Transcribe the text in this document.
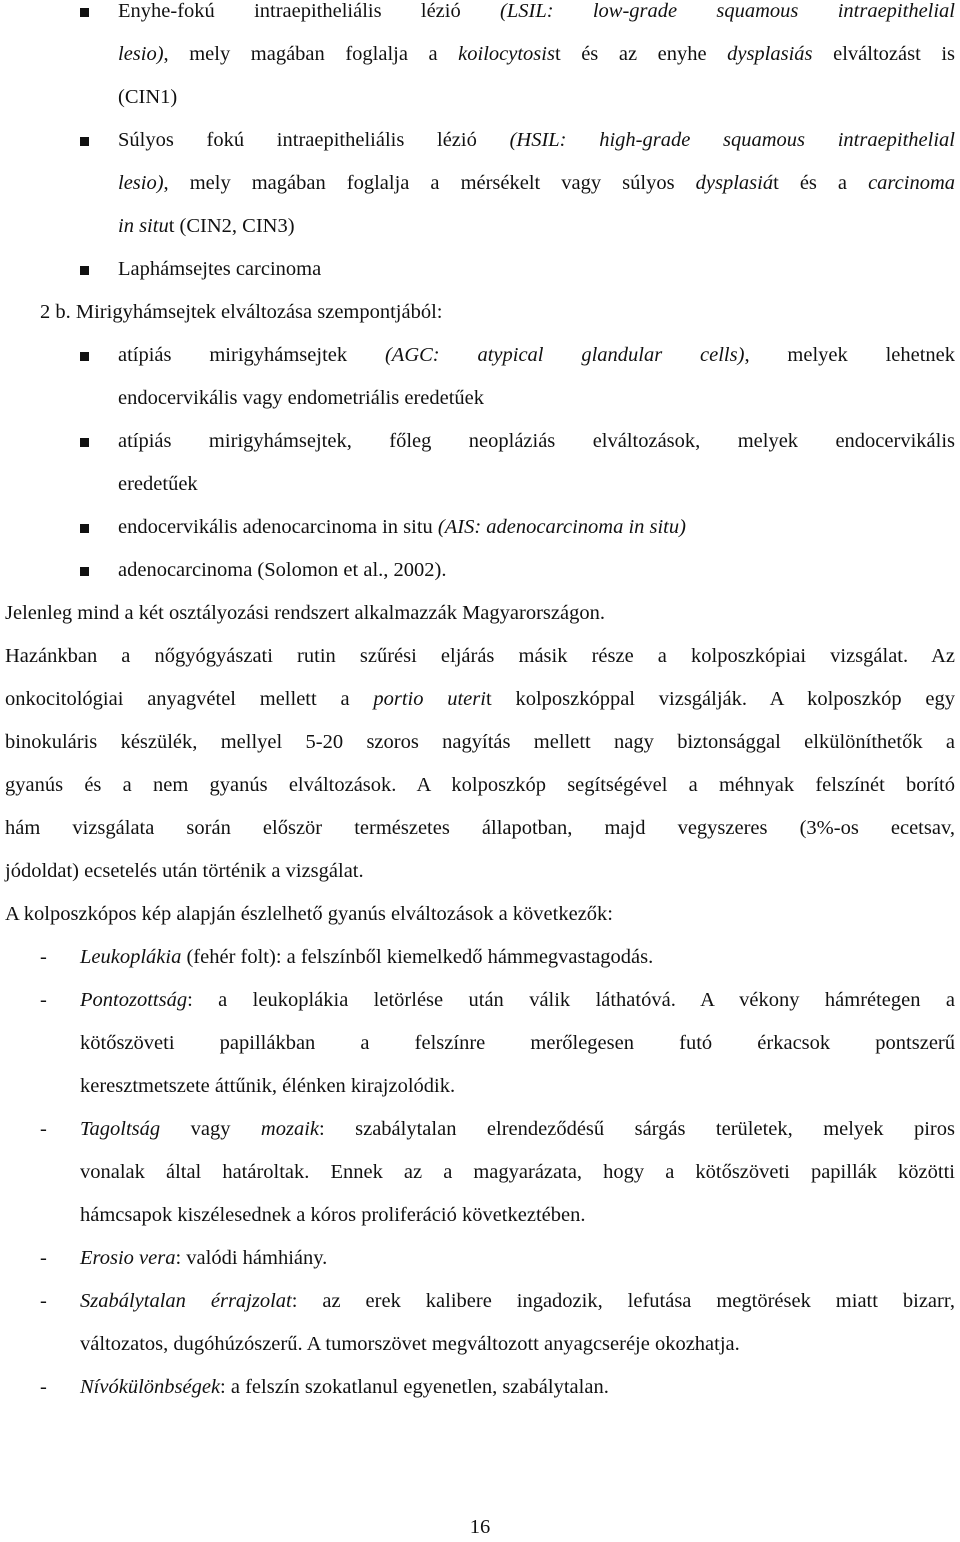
Enyhe-fokú intraepitheliális lézió (LSIL: low-grade squamous intraepithelial
lesio), mely magában foglalja a koilocytosist és az enyhe dysplasiás elváltozást is
(CIN1)
Súlyos fokú intraepitheliális lézió (HSIL: high-grade squamous intraepithelial
lesio), mely magában foglalja a mérsékelt vagy súlyos dysplasiát és a carcinoma
in situt (CIN2, CIN3)
Laphámsejtes carcinoma
2 b. Mirigyhámsejtek elváltozása szempontjából:
atípiás mirigyhámsejtek (AGC: atypical glandular cells), melyek lehetnek
endocervikális vagy endometriális eredetűek
atípiás mirigyhámsejtek, főleg neopláziás elváltozások, melyek endocervikális
eredetűek
endocervikális adenocarcinoma in situ (AIS: adenocarcinoma in situ)
adenocarcinoma (Solomon et al., 2002).
Jelenleg mind a két osztályozási rendszert alkalmazzák Magyarországon.
Hazánkban a nőgyógyászati rutin szűrési eljárás másik része a kolposzkópiai vizsgálat. Az
onkocitológiai anyagvétel mellett a portio uterit kolposzkóppal vizsgálják. A kolposzkóp egy
binokuláris készülék, mellyel 5-20 szoros nagyítás mellett nagy biztonsággal elkülöníthetők a
gyanús és a nem gyanús elváltozások. A kolposzkóp segítségével a méhnyak felszínét borító
hám vizsgálata során először természetes állapotban, majd vegyszeres (3%-os ecetsav,
jódoldat) ecsetelés után történik a vizsgálat.
A kolposzkópos kép alapján észlelhető gyanús elváltozások a következők:
-	Leukoplákia (fehér folt): a felszínből kiemelkedő hámmegvastagodás.
-	Pontozottság: a leukoplákia letörlése után válik láthatóvá. A vékony hámrétegen a
kötőszöveti papillákban a felszínre merőlegesen futó érkacsok pontszerű
keresztmetszete áttűnik, élénken kirajzolódik.
-	Tagoltság vagy mozaik: szabálytalan elrendeződésű sárgás területek, melyek piros
vonalak által határoltak. Ennek az a magyarázata, hogy a kötőszöveti papillák közötti
hámcsapok kiszélesednek a kóros proliferáció következtében.
-	Erosio vera: valódi hámhiány.
-	Szabálytalan érrajzolat: az erek kalibere ingadozik, lefutása megtörések miatt bizarr,
változatos, dugóhúzószerű. A tumorszövet megváltozott anyagcseréje okozhatja.
-	Nívókülönbségek: a felszín szokatlanul egyenetlen, szabálytalan.
16
